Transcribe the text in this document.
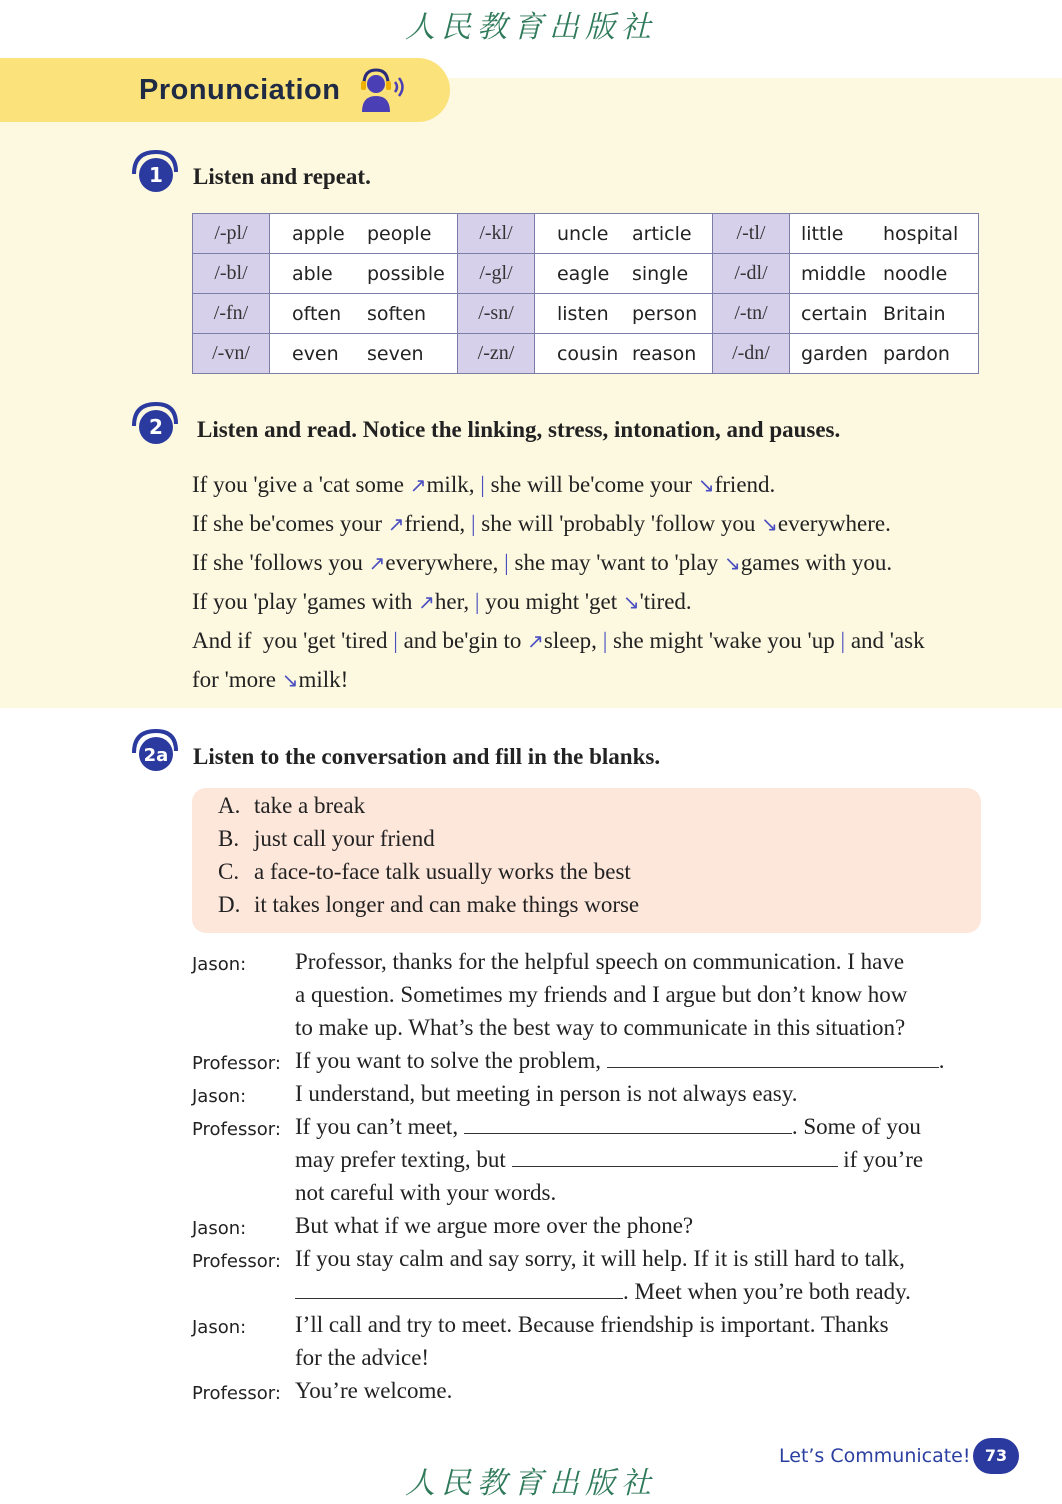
人民教育出版社
Pronunciation
1 Listen and repeat.
/-pl/	apple people	/-kl/	uncle article	/-tl/	little hospital

/-bl/	able possible	/-gl/	eagle single	/-dl/	middle noodle

/-fn/	often soften	/-sn/	listen person	/-tn/	certain Britain

/-vn/	even seven	/-zn/	cousin reason	/-dn/	garden pardon
2 Listen and read. Notice the linking, stress, intonation, and pauses.
If you 'give a 'cat some ↗milk, | she will be'come your ↘friend.
If she be'comes your ↗friend, | she will 'probably 'follow you ↘everywhere.
If she 'follows you ↗everywhere, | she may 'want to 'play ↘games with you.
If you 'play 'games with ↗her, | you might 'get ↘'tired.
And if  you 'get 'tired | and be'gin to ↗sleep, | she might 'wake you 'up | and 'ask
for 'more ↘milk!
2a Listen to the conversation and fill in the blanks.
A. take a break
B. just call your friend
C. a face-to-face talk usually works the best
D. it takes longer and can make things worse
Jason: Professor, thanks for the helpful speech on communication. I have
a question. Sometimes my friends and I argue but don’t know how
to make up. What’s the best way to communicate in this situation?
Professor: If you want to solve the problem,	.
Jason: I understand, but meeting in person is not always easy.
Professor: If you can’t meet,	. Some of you
may prefer texting, but	if you’re
not careful with your words.
Jason: But what if we argue more over the phone?
Professor: If you stay calm and say sorry, it will help. If it is still hard to talk,
. Meet when you’re both ready.
Jason: I’ll call and try to meet. Because friendship is important. Thanks
for the advice!
Professor: You’re welcome.
Let’s Communicate! 73
人民教育出版社
